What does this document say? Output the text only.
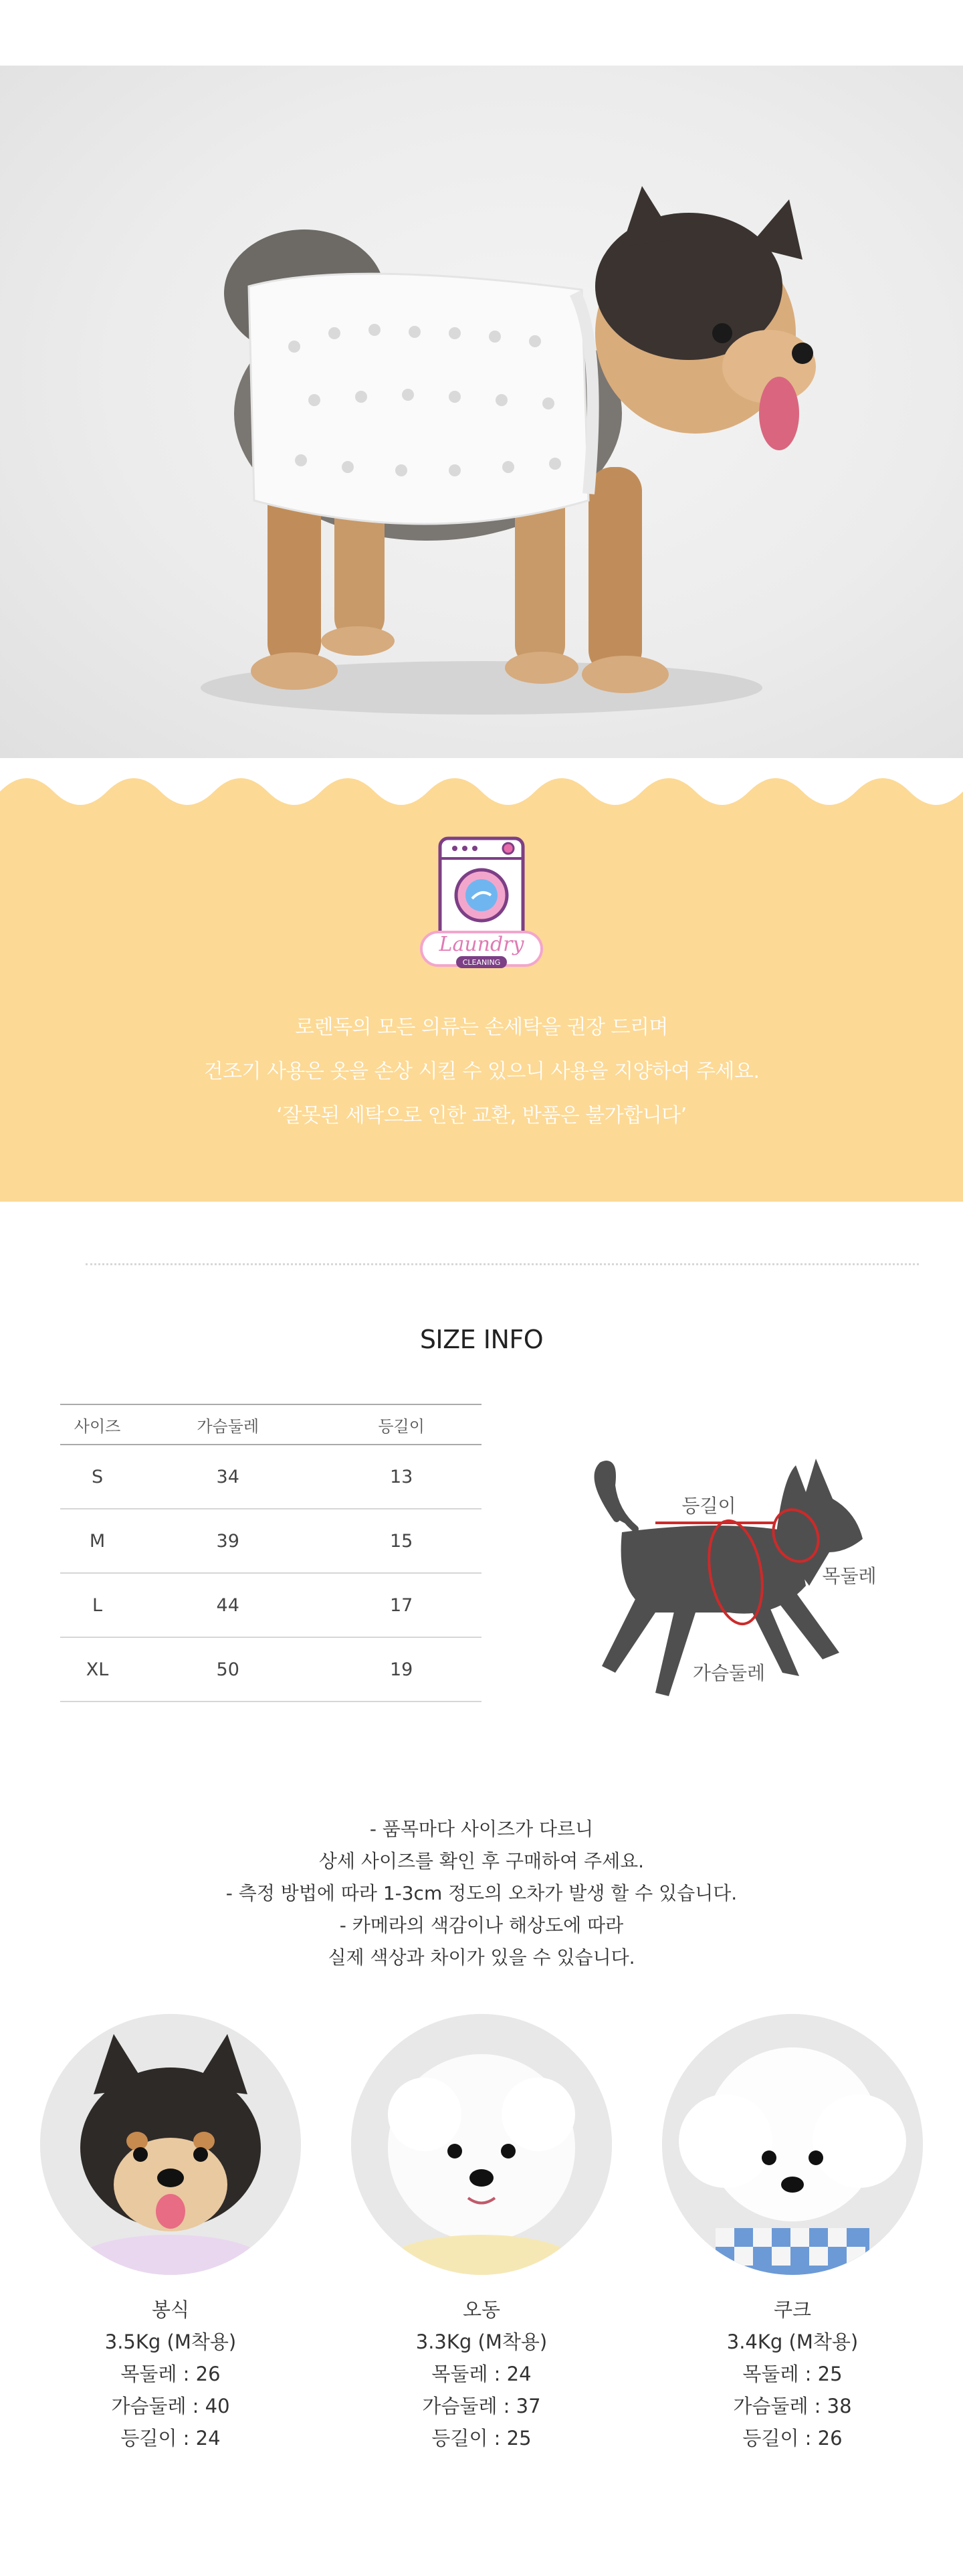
Laundry
CLEANING
로렌독의 모든 의류는 손세탁을 권장 드리며
건조기 사용은 옷을 손상 시킬 수 있으니 사용을 지양하여 주세요.
‘잘못된 세탁으로 인한 교환, 반품은 불가합니다’
SIZE INFO
사이즈	가슴둘레	등길이
S	34	13
M	39	15
L	44	17
XL	50	19
등길이
목둘레
가슴둘레
- 품목마다 사이즈가 다르니
상세 사이즈를 확인 후 구매하여 주세요.
- 측정 방법에 따라 1-3cm 정도의 오차가 발생 할 수 있습니다.
- 카메라의 색감이나 해상도에 따라
실제 색상과 차이가 있을 수 있습니다.
봉식
3.5Kg (M착용)
목둘레 : 26
가슴둘레 : 40
등길이 : 24
오동
3.3Kg (M착용)
목둘레 : 24
가슴둘레 : 37
등길이 : 25
쿠크
3.4Kg (M착용)
목둘레 : 25
가슴둘레 : 38
등길이 : 26
